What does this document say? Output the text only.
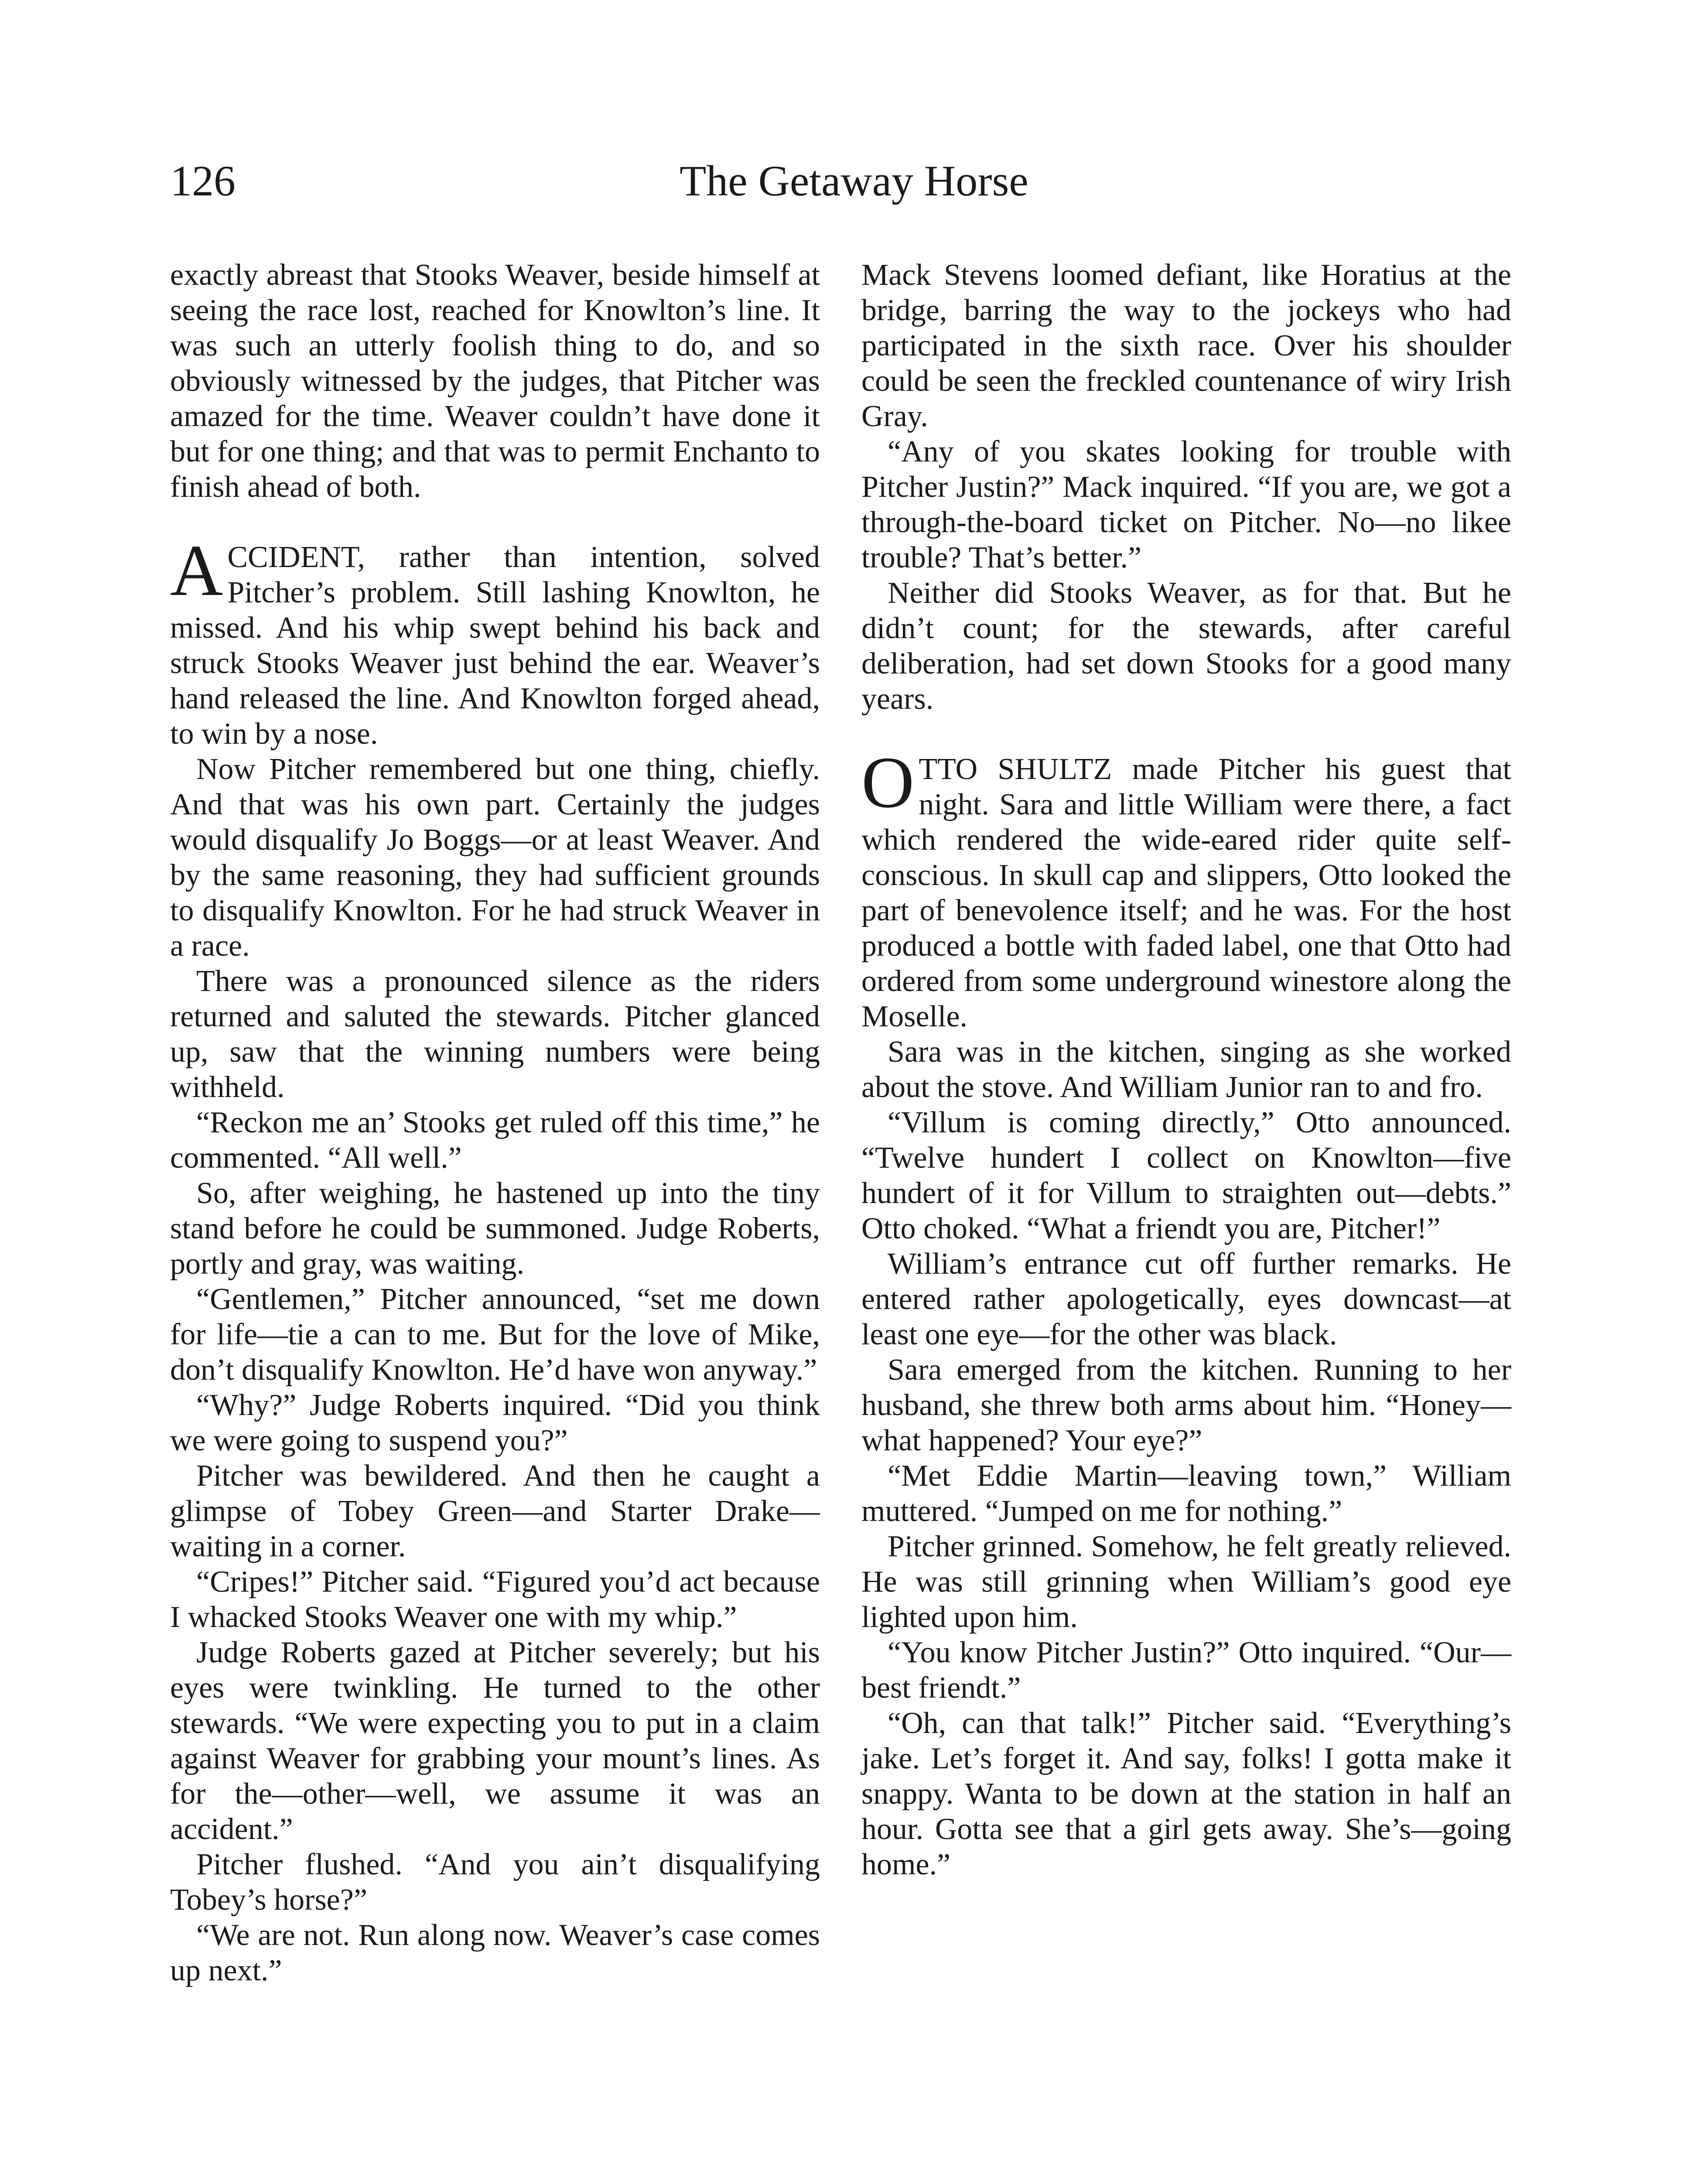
126	The Getaway Horse

exactly abreast that Stooks Weaver, beside himself at seeing the race lost, reached for Knowlton’s line. It was such an utterly foolish thing to do, and so obviously witnessed by the judges, that Pitcher was amazed for the time. Weaver couldn’t have done it but for one thing; and that was to permit Enchanto to finish ahead of both.

ACCIDENT, rather than intention, solved Pitcher’s problem. Still lashing Knowlton, he missed. And his whip swept behind his back and struck Stooks Weaver just behind the ear. Weaver’s hand released the line. And Knowlton forged ahead, to win by a nose.

Now Pitcher remembered but one thing, chiefly. And that was his own part. Certainly the judges would disqualify Jo Boggs—or at least Weaver. And by the same reasoning, they had sufficient grounds to disqualify Knowlton. For he had struck Weaver in a race.

There was a pronounced silence as the riders returned and saluted the stewards. Pitcher glanced up, saw that the winning numbers were being withheld.

“Reckon me an’ Stooks get ruled off this time,” he commented. “All well.”

So, after weighing, he hastened up into the tiny stand before he could be summoned. Judge Roberts, portly and gray, was waiting.

“Gentlemen,” Pitcher announced, “set me down for life—tie a can to me. But for the love of Mike, don’t disqualify Knowlton. He’d have won anyway.”

“Why?” Judge Roberts inquired. “Did you think we were going to suspend you?”

Pitcher was bewildered. And then he caught a glimpse of Tobey Green—and Starter Drake—waiting in a corner.

“Cripes!” Pitcher said. “Figured you’d act because I whacked Stooks Weaver one with my whip.”

Judge Roberts gazed at Pitcher severely; but his eyes were twinkling. He turned to the other stewards. “We were expecting you to put in a claim against Weaver for grabbing your mount’s lines. As for the—other—well, we assume it was an accident.”

Pitcher flushed. “And you ain’t disqualifying Tobey’s horse?”

“We are not. Run along now. Weaver’s case comes up next.”

Mack Stevens loomed defiant, like Horatius at the bridge, barring the way to the jockeys who had participated in the sixth race. Over his shoulder could be seen the freckled countenance of wiry Irish Gray.

“Any of you skates looking for trouble with Pitcher Justin?” Mack inquired. “If you are, we got a through-the-board ticket on Pitcher. No—no likee trouble? That’s better.”

Neither did Stooks Weaver, as for that. But he didn’t count; for the stewards, after careful deliberation, had set down Stooks for a good many years.

OTTO SHULTZ made Pitcher his guest that night. Sara and little William were there, a fact which rendered the wide-eared rider quite self-conscious. In skull cap and slippers, Otto looked the part of benevolence itself; and he was. For the host produced a bottle with faded label, one that Otto had ordered from some underground winestore along the Moselle.

Sara was in the kitchen, singing as she worked about the stove. And William Junior ran to and fro.

“Villum is coming directly,” Otto announced. “Twelve hundert I collect on Knowlton—five hundert of it for Villum to straighten out—debts.” Otto choked. “What a friendt you are, Pitcher!”

William’s entrance cut off further remarks. He entered rather apologetically, eyes downcast—at least one eye—for the other was black.

Sara emerged from the kitchen. Running to her husband, she threw both arms about him. “Honey—what happened? Your eye?”

“Met Eddie Martin—leaving town,” William muttered. “Jumped on me for nothing.”

Pitcher grinned. Somehow, he felt greatly relieved. He was still grinning when William’s good eye lighted upon him.

“You know Pitcher Justin?” Otto inquired. “Our—best friendt.”

“Oh, can that talk!” Pitcher said. “Everything’s jake. Let’s forget it. And say, folks! I gotta make it snappy. Wanta to be down at the station in half an hour. Gotta see that a girl gets away. She’s—going home.”
